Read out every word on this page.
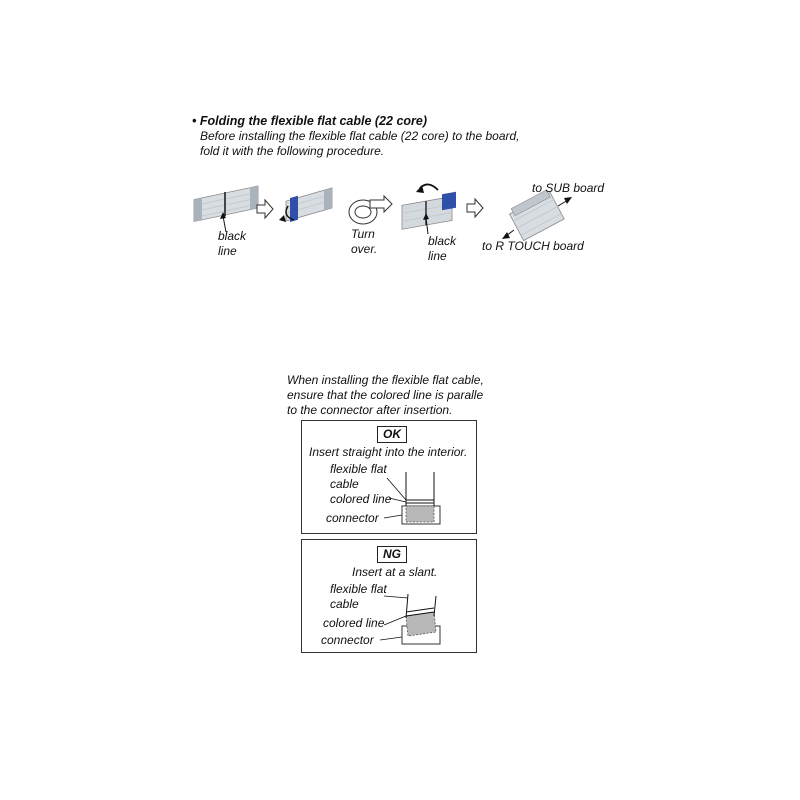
• Folding the flexible flat cable (22 core)
Before installing the flexible flat cable (22 core) to the board,
fold it with the following procedure.
black
line
Turn
over.
black
line
to SUB board
to R TOUCH board
When installing the flexible flat cable,
ensure that the colored line is paralle
to the connector after insertion.
OK
Insert straight into the interior.
flexible flat
cable
colored line
connector
NG
Insert at a slant.
flexible flat
cable
colored line
connector
